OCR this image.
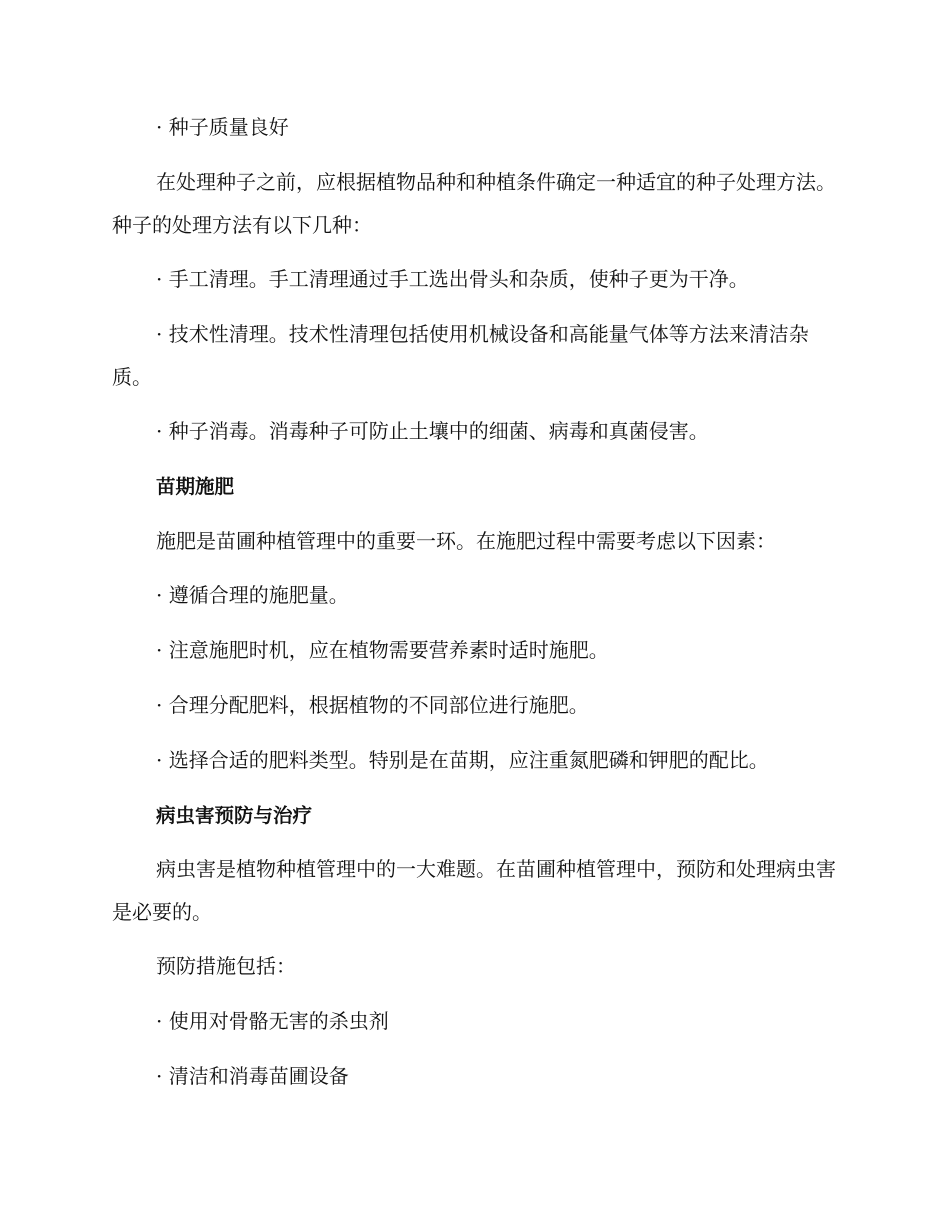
· 种子质量良好

在处理种子之前，应根据植物品种和种植条件确定一种适宜的种子处理方法。种子的处理方法有以下几种：

· 手工清理。手工清理通过手工选出骨头和杂质，使种子更为干净。

· 技术性清理。技术性清理包括使用机械设备和高能量气体等方法来清洁杂质。

· 种子消毒。消毒种子可防止土壤中的细菌、病毒和真菌侵害。

苗期施肥

施肥是苗圃种植管理中的重要一环。在施肥过程中需要考虑以下因素：

· 遵循合理的施肥量。

· 注意施肥时机，应在植物需要营养素时适时施肥。

· 合理分配肥料，根据植物的不同部位进行施肥。

· 选择合适的肥料类型。特别是在苗期，应注重氮肥磷和钾肥的配比。

病虫害预防与治疗

病虫害是植物种植管理中的一大难题。在苗圃种植管理中，预防和处理病虫害是必要的。

预防措施包括：

· 使用对骨骼无害的杀虫剂

· 清洁和消毒苗圃设备
